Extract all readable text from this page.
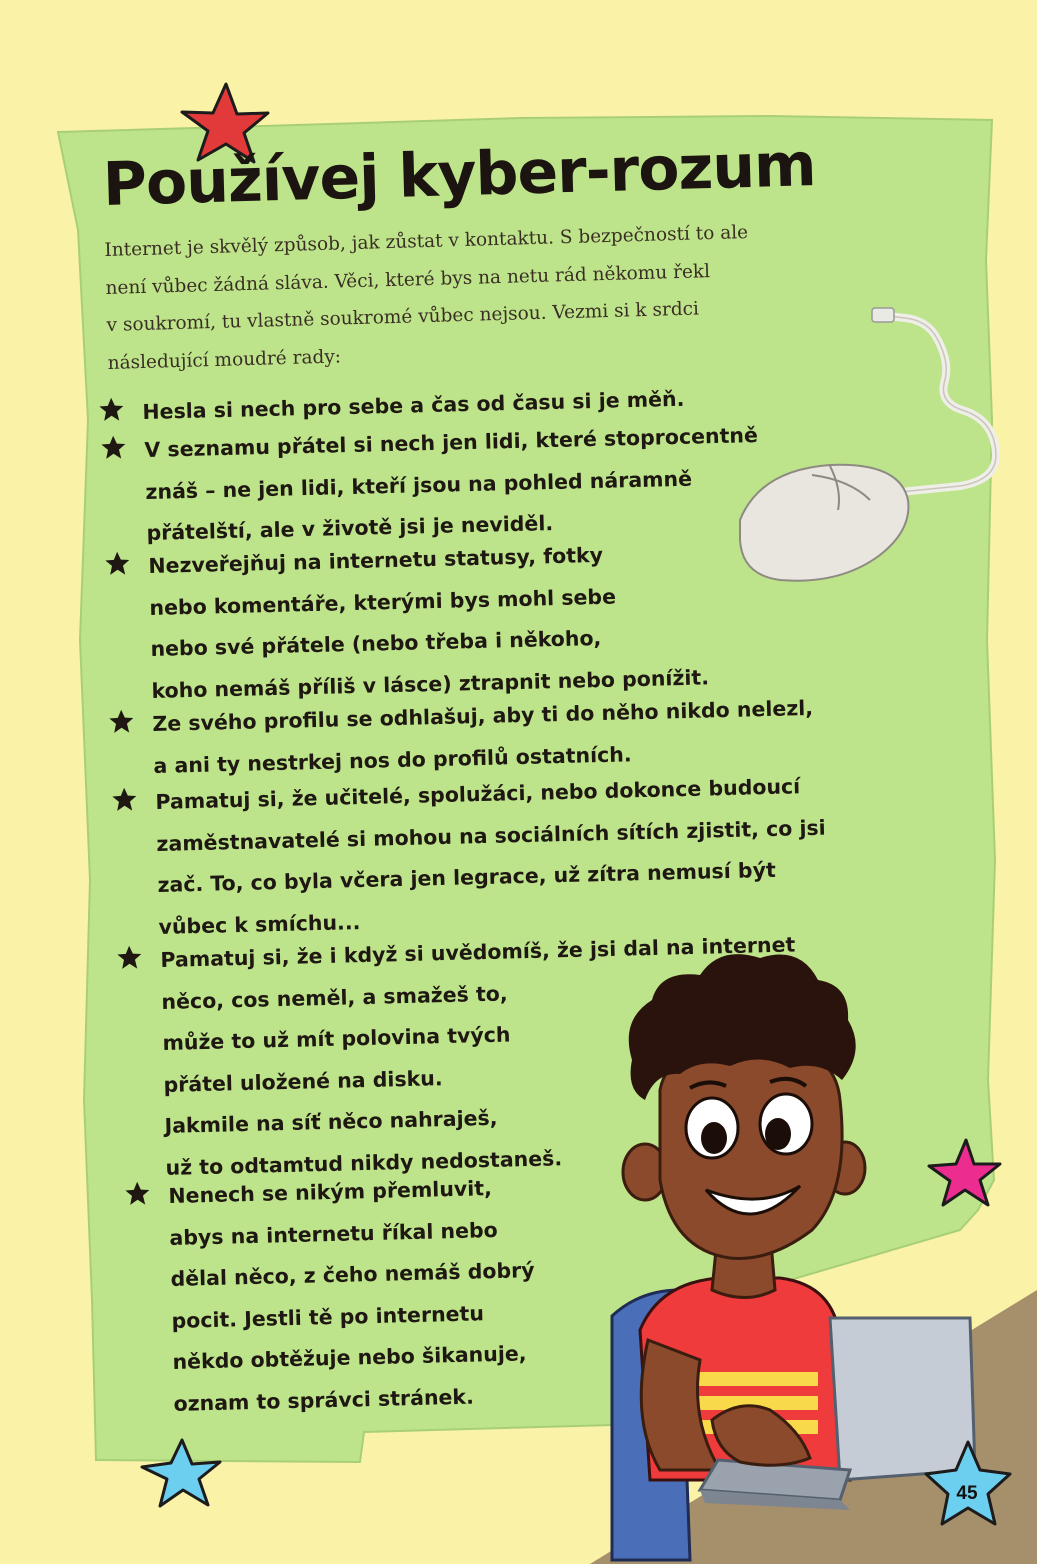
Používej kyber-rozum
Internet je skvělý způsob, jak zůstat v kontaktu. S bezpečností to ale
není vůbec žádná sláva. Věci, které bys na netu rád někomu řekl
v soukromí, tu vlastně soukromé vůbec nejsou. Vezmi si k srdci
následující moudré rady:
Hesla si nech pro sebe a čas od času si je měň.
V seznamu přátel si nech jen lidi, které stoprocentně
znáš – ne jen lidi, kteří jsou na pohled náramně
přátelští, ale v životě jsi je neviděl.
Nezveřejňuj na internetu statusy, fotky
nebo komentáře, kterými bys mohl sebe
nebo své přátele (nebo třeba i někoho,
koho nemáš příliš v lásce) ztrapnit nebo ponížit.
Ze svého profilu se odhlašuj, aby ti do něho nikdo nelezl,
a ani ty nestrkej nos do profilů ostatních.
Pamatuj si, že učitelé, spolužáci, nebo dokonce budoucí
zaměstnavatelé si mohou na sociálních sítích zjistit, co jsi
zač. To, co byla včera jen legrace, už zítra nemusí být
vůbec k smíchu...
Pamatuj si, že i když si uvědomíš, že jsi dal na internet
něco, cos neměl, a smažeš to,
může to už mít polovina tvých
přátel uložené na disku.
Jakmile na síť něco nahraješ,
už to odtamtud nikdy nedostaneš.
Nenech se nikým přemluvit,
abys na internetu říkal nebo
dělal něco, z čeho nemáš dobrý
pocit. Jestli tě po internetu
někdo obtěžuje nebo šikanuje,
oznam to správci stránek.
45
